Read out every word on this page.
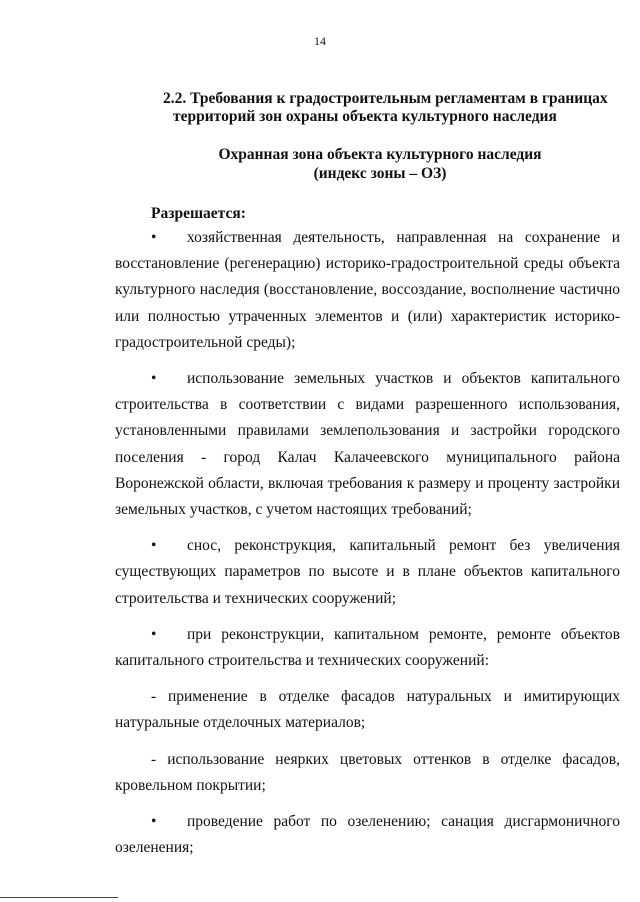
14
2.2. Требования к градостроительным регламентам в границах
территорий зон охраны объекта культурного наследия
Охранная зона объекта культурного наследия
(индекс зоны – ОЗ)
Разрешается:

• хозяйственная деятельность, направленная на сохранение и восстановление (регенерацию) историко-градостроительной среды объекта культурного наследия (восстановление, воссоздание, восполнение частично или полностью утраченных элементов и (или) характеристик историко-градостроительной среды);

• использование земельных участков и объектов капитального строительства в соответствии с видами разрешенного использования, установленными правилами землепользования и застройки городского поселения - город Калач Калачеевского муниципального района Воронежской области, включая требования к размеру и проценту застройки земельных участков, с учетом настоящих требований;

• снос, реконструкция, капитальный ремонт без увеличения существующих параметров по высоте и в плане объектов капитального строительства и технических сооружений;

• при реконструкции, капитальном ремонте, ремонте объектов капитального строительства и технических сооружений:

- применение в отделке фасадов натуральных и имитирующих натуральные отделочных материалов;

- использование неярких цветовых оттенков в отделке фасадов, кровельном покрытии;

• проведение работ по озеленению; санация дисгармоничного озеленения;
